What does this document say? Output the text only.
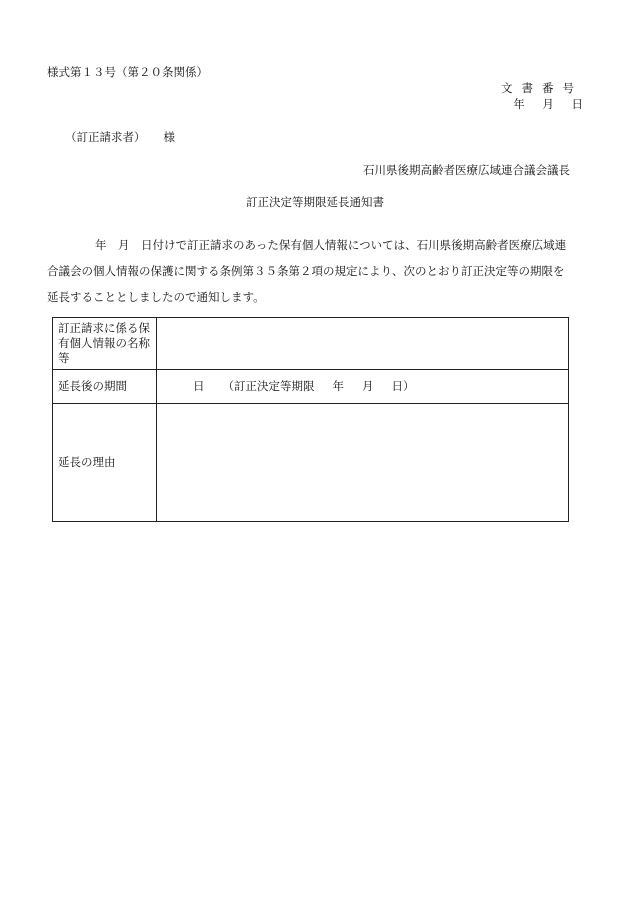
様式第１３号（第２０条関係）
文書番号
年 月 日
（訂正請求者） 様
石川県後期高齢者医療広域連合議会議長
訂正決定等期限延長通知書
年　月　日付けで訂正請求のあった保有個人情報については、石川県後期高齢者医療広域連
合議会の個人情報の保護に関する条例第３５条第２項の規定により、次のとおり訂正決定等の期限を
延長することとしましたので通知します。
訂正請求に係る保有個人情報の名称等	
延長後の期間	日 （訂正決定等期限 年 月 日）
延長の理由	
